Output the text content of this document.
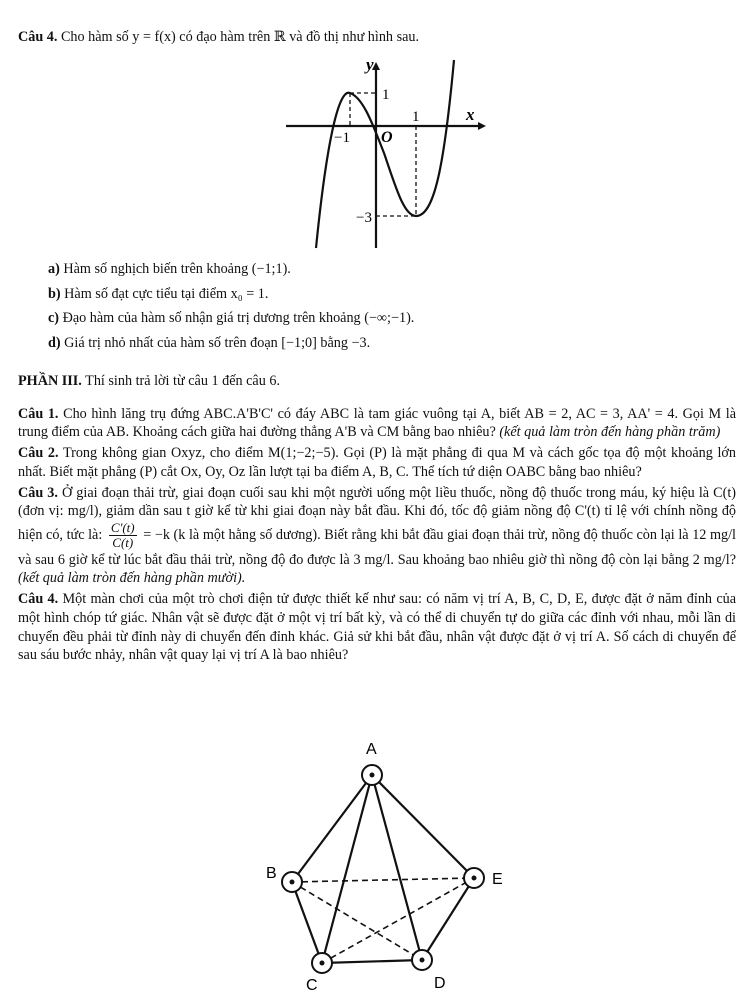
Câu 4. Cho hàm số y = f(x) có đạo hàm trên ℝ và đồ thị như hình sau.
y
x
O
1
1
−1
−3
a) Hàm số nghịch biến trên khoảng (−1;1).
b) Hàm số đạt cực tiểu tại điểm x₀ = 1.
c) Đạo hàm của hàm số nhận giá trị dương trên khoảng (−∞;−1).
d) Giá trị nhỏ nhất của hàm số trên đoạn [−1;0] bằng −3.
PHẦN III. Thí sinh trả lời từ câu 1 đến câu 6.
Câu 1. Cho hình lăng trụ đứng ABC.A'B'C' có đáy ABC là tam giác vuông tại A, biết AB = 2, AC = 3, AA' = 4. Gọi M là trung điểm của AB. Khoảng cách giữa hai đường thẳng A'B và CM bằng bao nhiêu? (kết quả làm tròn đến hàng phần trăm)
Câu 2. Trong không gian Oxyz, cho điểm M(1;−2;−5). Gọi (P) là mặt phẳng đi qua M và cách gốc tọa độ một khoảng lớn nhất. Biết mặt phẳng (P) cắt Ox, Oy, Oz lần lượt tại ba điểm A, B, C. Thể tích tứ diện OABC bằng bao nhiêu?
Câu 3. Ở giai đoạn thải trừ, giai đoạn cuối sau khi một người uống một liều thuốc, nồng độ thuốc trong máu, ký hiệu là C(t) (đơn vị: mg/l), giảm dần sau t giờ kể từ khi giai đoạn này bắt đầu. Khi đó, tốc độ giảm nồng độ C'(t) tỉ lệ với chính nồng độ hiện có, tức là: $\frac{C'(t)}{C(t)} = -k$ (k là một hằng số dương). Biết rằng khi bắt đầu giai đoạn thải trừ, nồng độ thuốc còn lại là 12 mg/l và sau 6 giờ kể từ lúc bắt đầu thải trừ, nồng độ đo được là 3 mg/l. Sau khoảng bao nhiêu giờ thì nồng độ còn lại bằng 2 mg/l? (kết quả làm tròn đến hàng phần mười).
Câu 4. Một màn chơi của một trò chơi điện tử được thiết kế như sau: có năm vị trí A, B, C, D, E, được đặt ở năm đỉnh của một hình chóp tứ giác. Nhân vật sẽ được đặt ở một vị trí bất kỳ, và có thể di chuyển tự do giữa các đỉnh với nhau, mỗi lần di chuyển đều phải từ đỉnh này di chuyển đến đỉnh khác. Giả sử khi bắt đầu, nhân vật được đặt ở vị trí A. Số cách di chuyển để sau sáu bước nhảy, nhân vật quay lại vị trí A là bao nhiêu?
A
B
C	D
E
